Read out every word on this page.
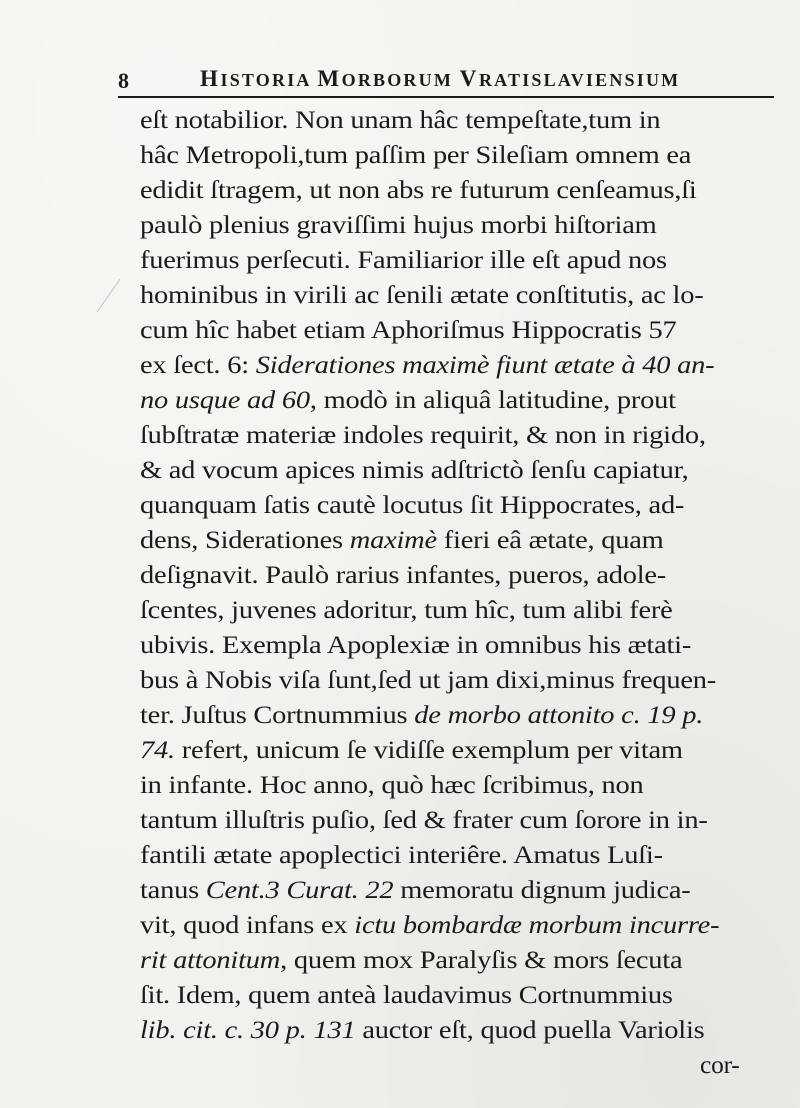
8	HISTORIA MORBORUM VRATISLAVIENSIUM
eſt notabilior. Non unam hâc tempeſtate,tum in
hâc Metropoli,tum paſſim per Sileſiam omnem ea
edidit ſtragem, ut non abs re futurum cenſeamus,ſi
paulò plenius graviſſimi hujus morbi hiſtoriam
fuerimus perſecuti. Familiarior ille eſt apud nos
hominibus in virili ac ſenili ætate conſtitutis, ac lo-
cum hîc habet etiam Aphoriſmus Hippocratis 57
ex ſect. 6: Siderationes maximè fiunt ætate à 40 an-
no usque ad 60, modò in aliquâ latitudine, prout
ſubſtratæ materiæ indoles requirit, & non in rigido,
& ad vocum apices nimis adſtrictò ſenſu capiatur,
quanquam ſatis cautè locutus ſit Hippocrates, ad-
dens, Siderationes maximè fieri eâ ætate, quam
deſignavit. Paulò rarius infantes, pueros, adole-
ſcentes, juvenes adoritur, tum hîc, tum alibi ferè
ubivis. Exempla Apoplexiæ in omnibus his ætati-
bus à Nobis viſa ſunt,ſed ut jam dixi,minus frequen-
ter. Juſtus Cortnummius de morbo attonito c. 19 p.
74. refert, unicum ſe vidiſſe exemplum per vitam
in infante. Hoc anno, quò hæc ſcribimus, non
tantum illuſtris puſio, ſed & frater cum ſorore in in-
fantili ætate apoplectici interiêre. Amatus Luſi-
tanus Cent.3 Curat. 22 memoratu dignum judica-
vit, quod infans ex ictu bombardæ morbum incurre-
rit attonitum, quem mox Paralyſis & mors ſecuta
ſit. Idem, quem anteà laudavimus Cortnummius
lib. cit. c. 30 p. 131 auctor eſt, quod puella Variolis
cor-
